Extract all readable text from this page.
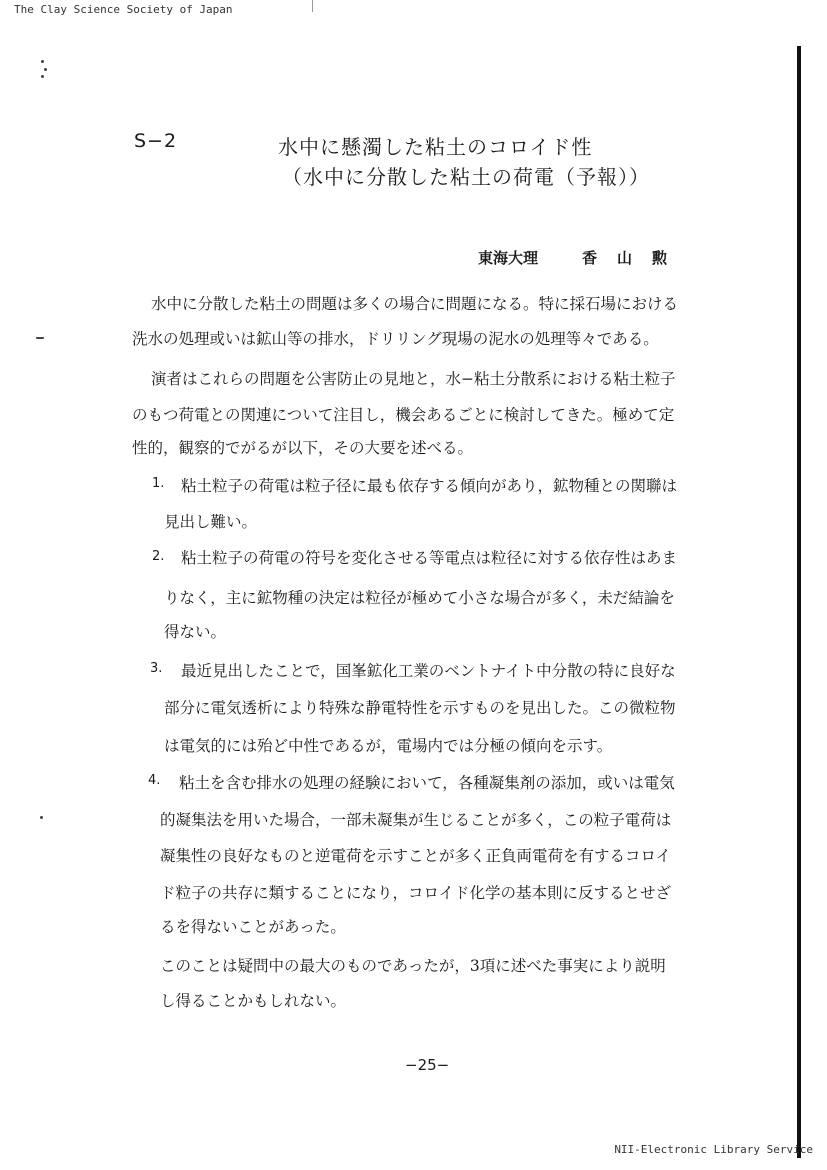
The Clay Science Society of Japan
NII-Electronic Library Service
S−2	水中に懸濁した粘土のコロイド性
（水中に分散した粘土の荷電（予報））
東海大理	香山勲
水中に分散した粘土の問題は多くの場合に問題になる。特に採石場における
洗水の処理或いは鉱山等の排水，ドリリング現場の泥水の処理等々である。
演者はこれらの問題を公害防止の見地と，水−粘土分散系における粘土粒子
のもつ荷電との関連について注目し，機会あるごとに検討してきた。極めて定
性的，観察的でがるが以下，その大要を述べる。
1. 粘土粒子の荷電は粒子径に最も依存する傾向があり，鉱物種との関聯は
見出し難い。
2. 粘土粒子の荷電の符号を変化させる等電点は粒径に対する依存性はあま
りなく，主に鉱物種の決定は粒径が極めて小さな場合が多く，未だ結論を
得ない。
3. 最近見出したことで，国峯鉱化工業のベントナイト中分散の特に良好な
部分に電気透析により特殊な静電特性を示すものを見出した。この微粒物
は電気的には殆ど中性であるが，電場内では分極の傾向を示す。
4. 粘土を含む排水の処理の経験において，各種凝集剤の添加，或いは電気
的凝集法を用いた場合，一部未凝集が生じることが多く，この粒子電荷は
凝集性の良好なものと逆電荷を示すことが多く正負両電荷を有するコロイ
ド粒子の共存に類することになり，コロイド化学の基本則に反するとせざ
るを得ないことがあった。
このことは疑問中の最大のものであったが，3項に述べた事実により説明
し得ることかもしれない。
−25−
